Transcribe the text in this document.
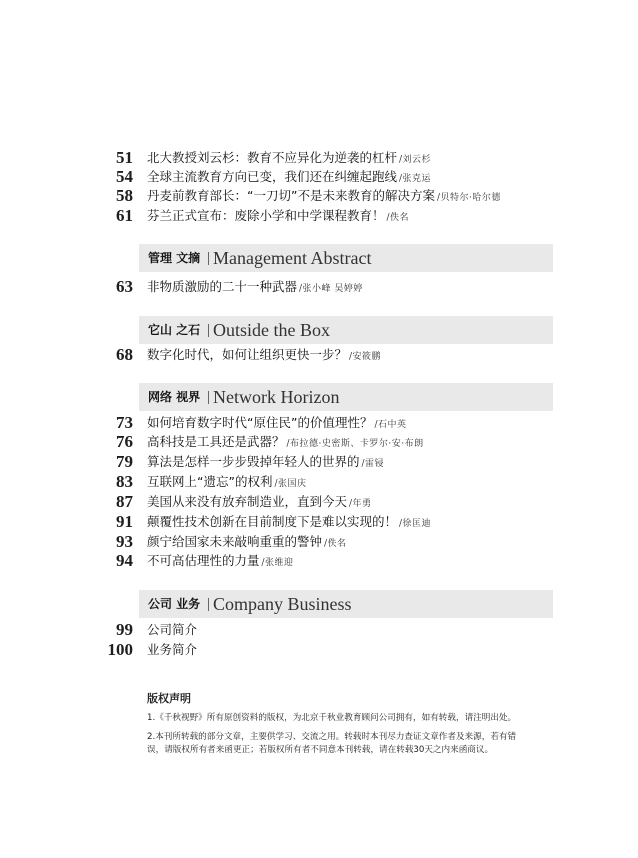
51 北大教授刘云杉：教育不应异化为逆袭的杠杆 /刘云杉
54 全球主流教育方向已变，我们还在纠缠起跑线 /张克运
58 丹麦前教育部长：“一刀切”不是未来教育的解决方案 /贝特尔·哈尔德
61 芬兰正式宣布：废除小学和中学课程教育！ /佚名
管理 文摘 Management Abstract
63 非物质激励的二十一种武器 /张小峰 吴婷婷
它山 之石 Outside the Box
68 数字化时代，如何让组织更快一步？ /安筱鹏
网络 视界 Network Horizon
73 如何培育数字时代“原住民”的价值理性？ /石中英
76 高科技是工具还是武器？ /布拉德·史密斯、卡罗尔·安·布朗
79 算法是怎样一步步毁掉年轻人的世界的 /雷锓
83 互联网上“遗忘”的权利 /张国庆
87 美国从来没有放弃制造业，直到今天 /年勇
91 颠覆性技术创新在目前制度下是难以实现的！ /徐匡迪
93 颜宁给国家未来敲响重重的警钟 /佚名
94 不可高估理性的力量 /张维迎
公司 业务 Company Business
99 公司简介
100 业务简介
版权声明

1.《千秋视野》所有原创资料的版权，为北京千秋业教育顾问公司拥有，如有转载，请注明出处。

2.本刊所转载的部分文章，主要供学习、交流之用。转载时本刊尽力查证文章作者及来源，若有错误，请版权所有者来函更正；若版权所有者不同意本刊转载，请在转载30天之内来函商议。
